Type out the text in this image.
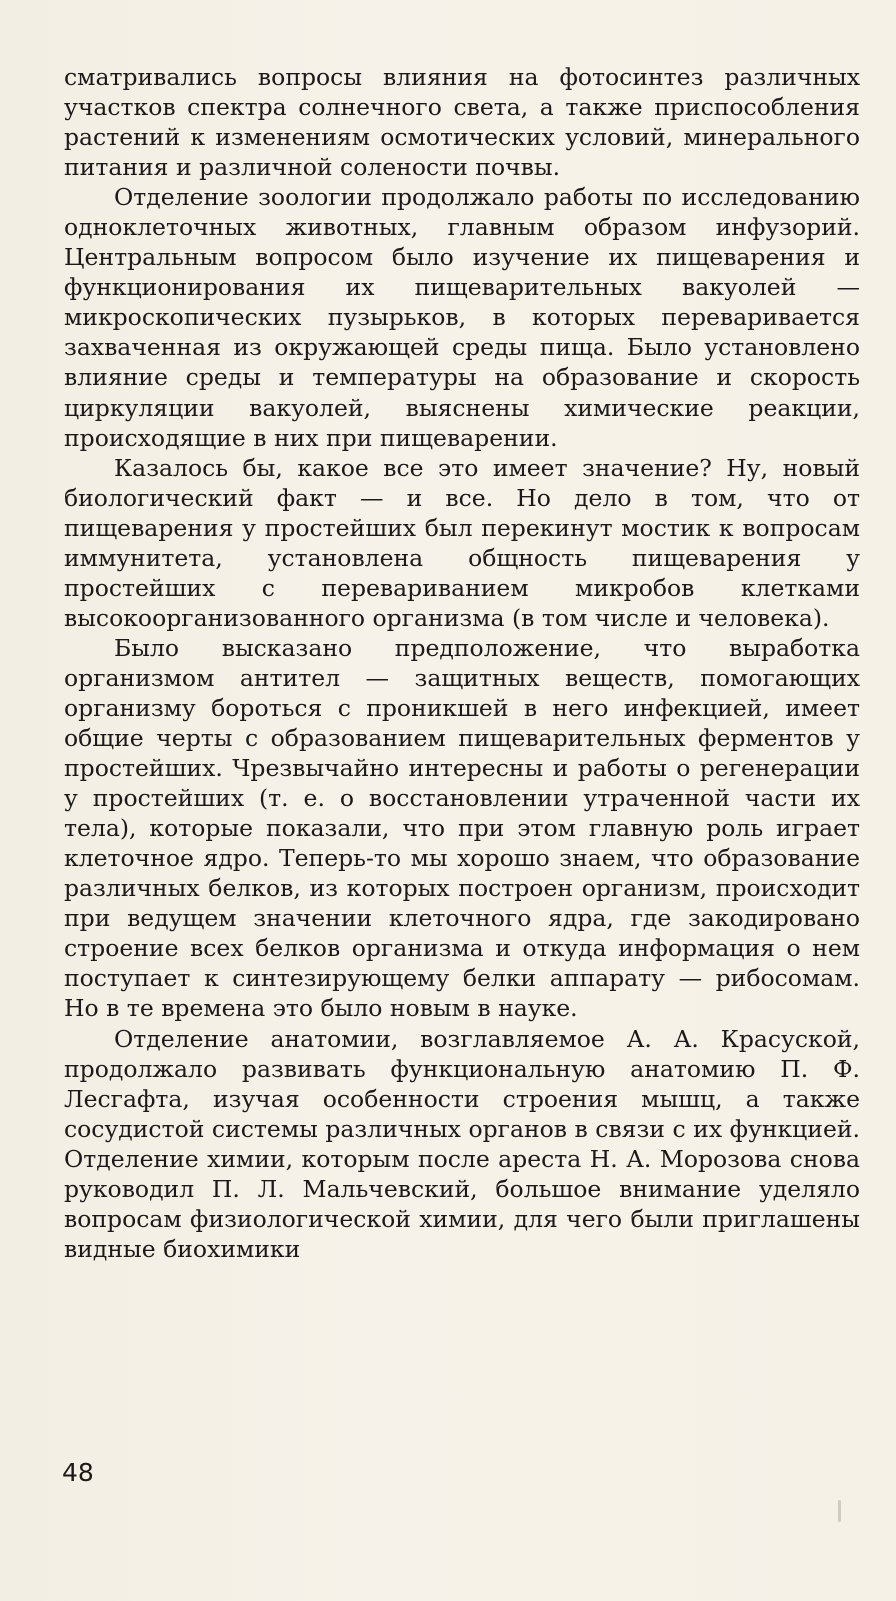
сматривались вопросы влияния на фотосинтез различных участков спектра солнечного света, а также приспособления растений к изменениям осмотических условий, минерального питания и различной солености почвы.

Отделение зоологии продолжало работы по исследованию одноклеточных животных, главным образом инфузорий. Центральным вопросом было изучение их пищеварения и функционирования их пищеварительных вакуолей — микроскопических пузырьков, в которых переваривается захваченная из окружающей среды пища. Было установлено влияние среды и температуры на образование и скорость циркуляции вакуолей, выяснены химические реакции, происходящие в них при пищеварении.

Казалось бы, какое все это имеет значение? Ну, новый биологический факт — и все. Но дело в том, что от пищеварения у простейших был перекинут мостик к вопросам иммунитета, установлена общность пищеварения у простейших с перевариванием микробов клетками высокоорганизованного организма (в том числе и человека).

Было высказано предположение, что выработка организмом антител — защитных веществ, помогающих организму бороться с проникшей в него инфекцией, имеет общие черты с образованием пищеварительных ферментов у простейших. Чрезвычайно интересны и работы о регенерации у простейших (т. е. о восстановлении утраченной части их тела), которые показали, что при этом главную роль играет клеточное ядро. Теперь-то мы хорошо знаем, что образование различных белков, из которых построен организм, происходит при ведущем значении клеточного ядра, где закодировано строение всех белков организма и откуда информация о нем поступает к синтезирующему белки аппарату — рибосомам. Но в те времена это было новым в науке.

Отделение анатомии, возглавляемое А. А. Красуской, продолжало развивать функциональную анатомию П. Ф. Лесгафта, изучая особенности строения мышц, а также сосудистой системы различных органов в связи с их функцией. Отделение химии, которым после ареста Н. А. Морозова снова руководил П. Л. Мальчевский, большое внимание уделяло вопросам физиологической химии, для чего были приглашены видные биохимики

48
